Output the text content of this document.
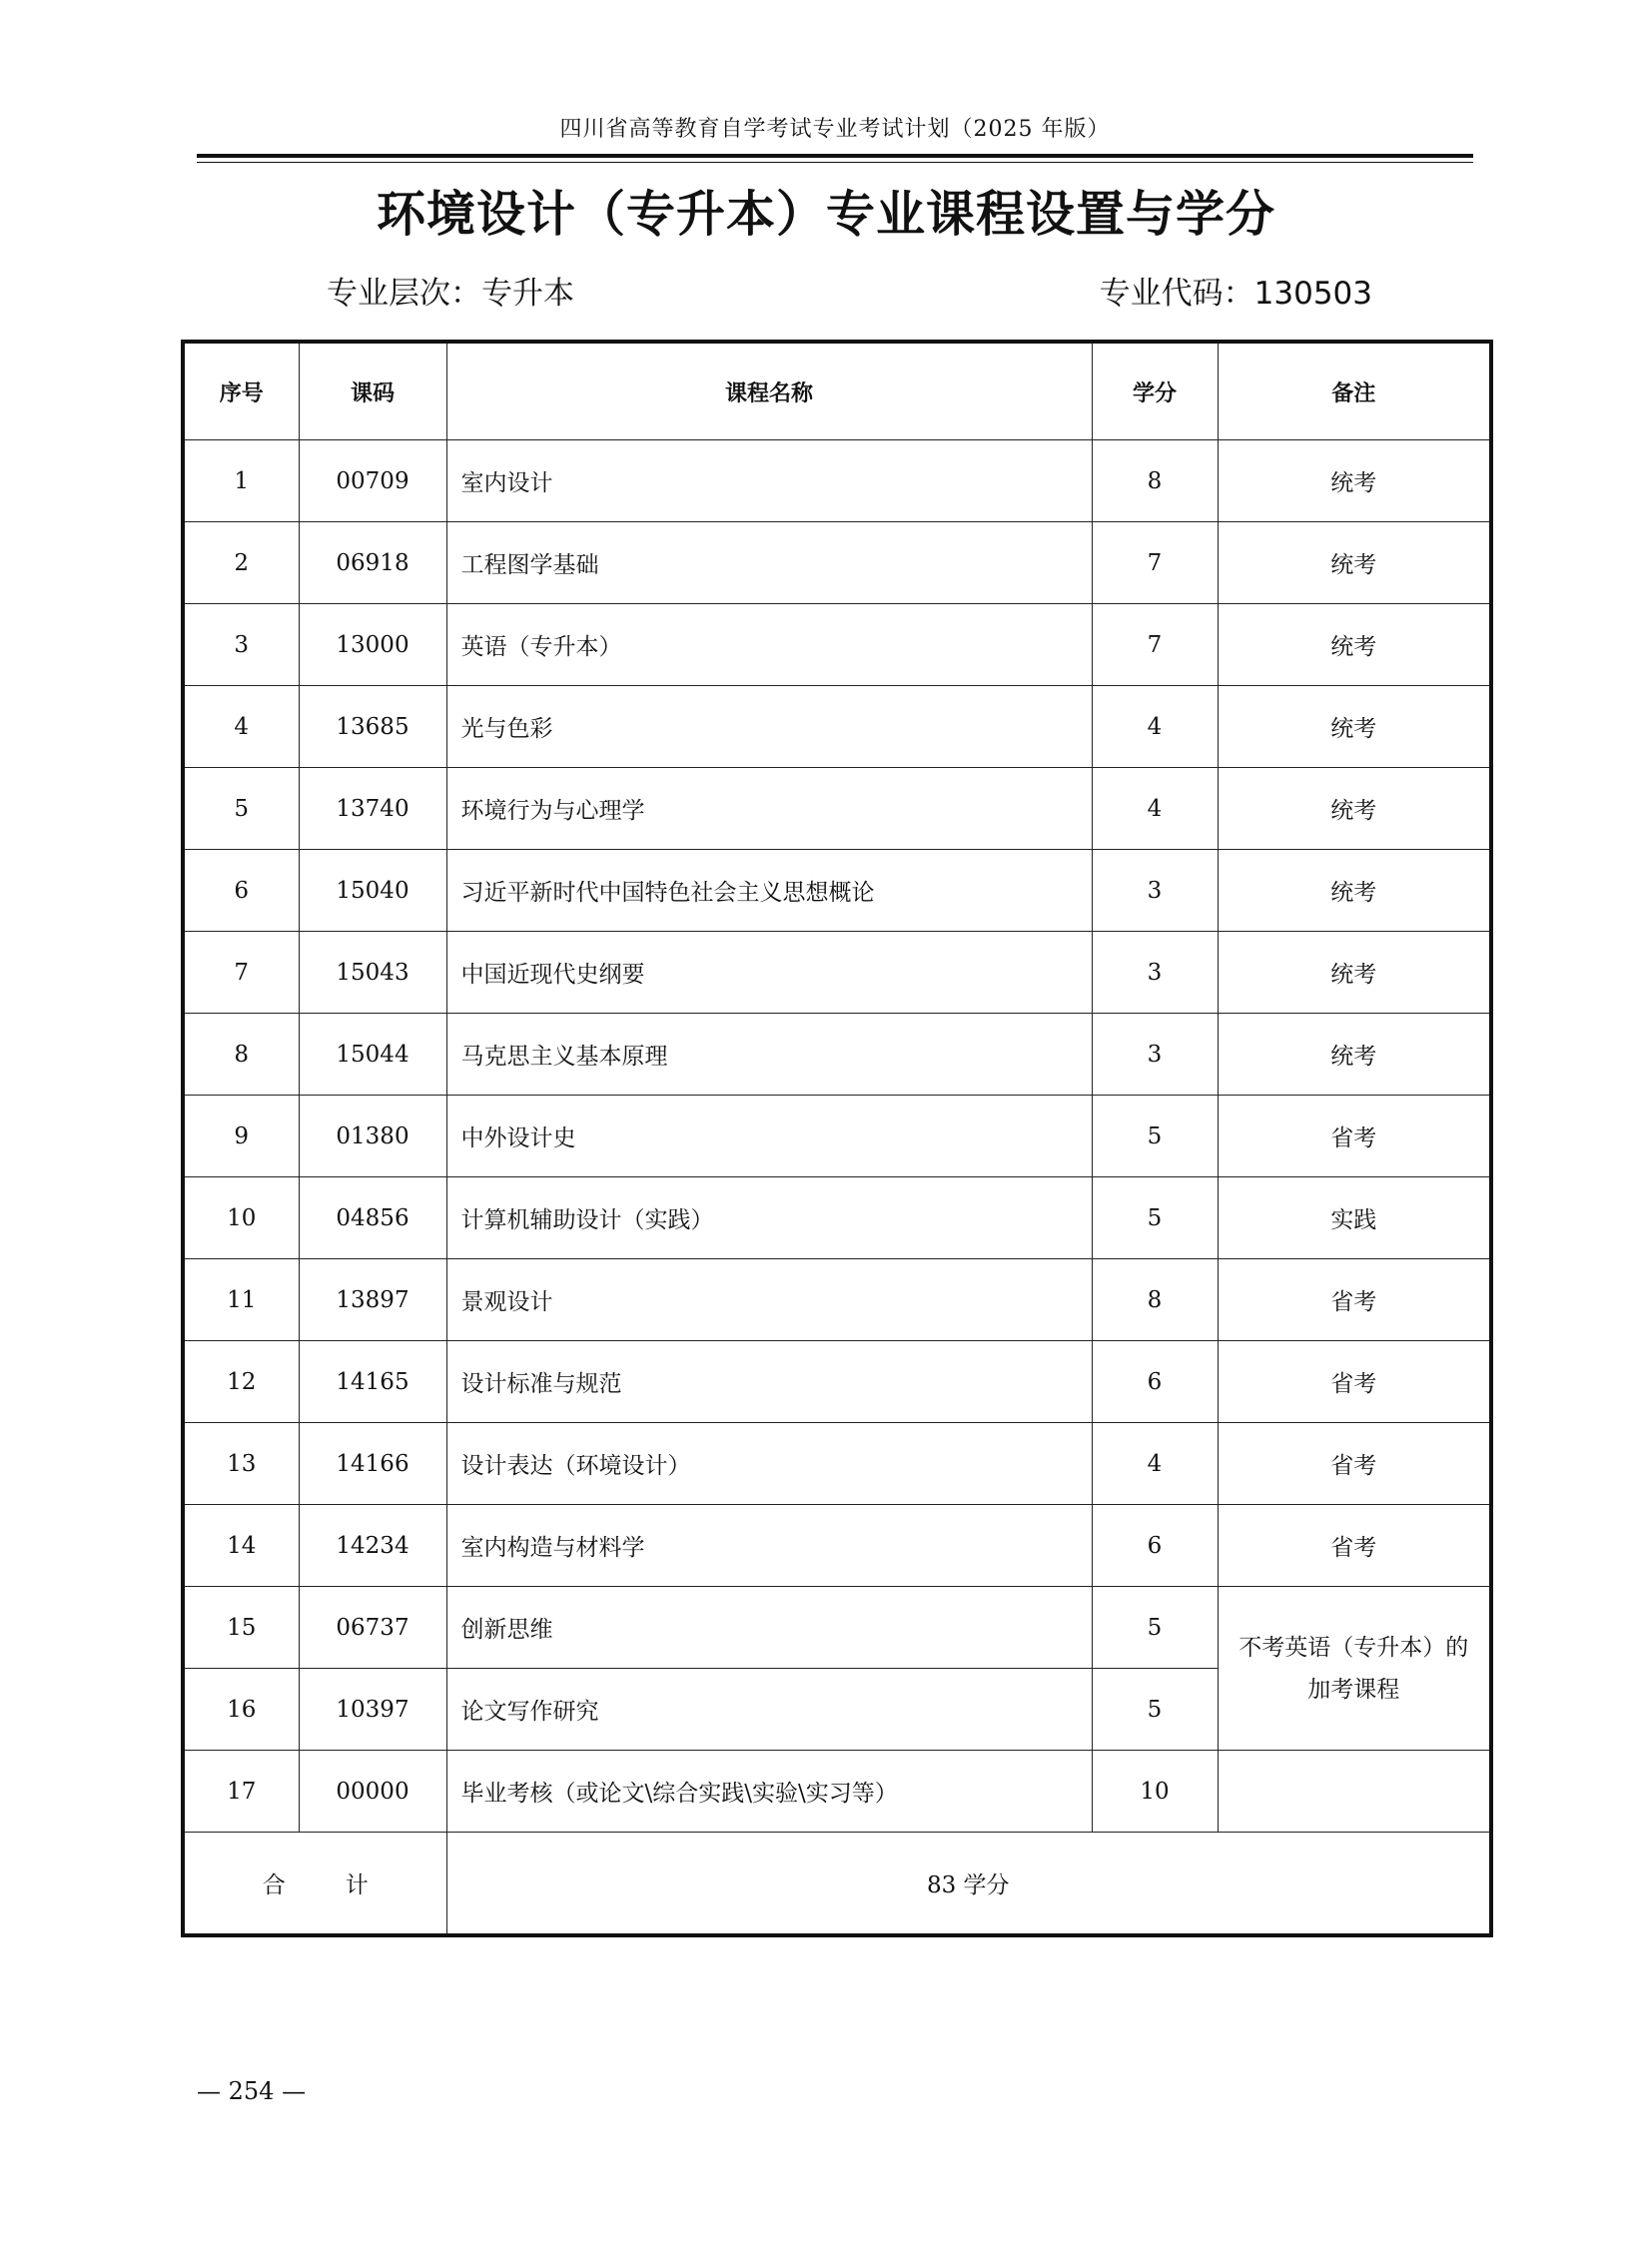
四川省高等教育自学考试专业考试计划（2025 年版）
环境设计（专升本）专业课程设置与学分
专业层次：专升本	专业代码：130503
序号	课码	课程名称	学分	备注
1	00709	室内设计	8	统考
2	06918	工程图学基础	7	统考
3	13000	英语（专升本）	7	统考
4	13685	光与色彩	4	统考
5	13740	环境行为与心理学	4	统考
6	15040	习近平新时代中国特色社会主义思想概论	3	统考
7	15043	中国近现代史纲要	3	统考
8	15044	马克思主义基本原理	3	统考
9	01380	中外设计史	5	省考
10	04856	计算机辅助设计（实践）	5	实践
11	13897	景观设计	8	省考
12	14165	设计标准与规范	6	省考
13	14166	设计表达（环境设计）	4	省考
14	14234	室内构造与材料学	6	省考
15	06737	创新思维	5	不考英语（专升本）的
加考课程

16	10397	论文写作研究	5	
17	00000	毕业考核（或论文\综合实践\实验\实习等）	10	
合计		83 学分		
— 254 —
